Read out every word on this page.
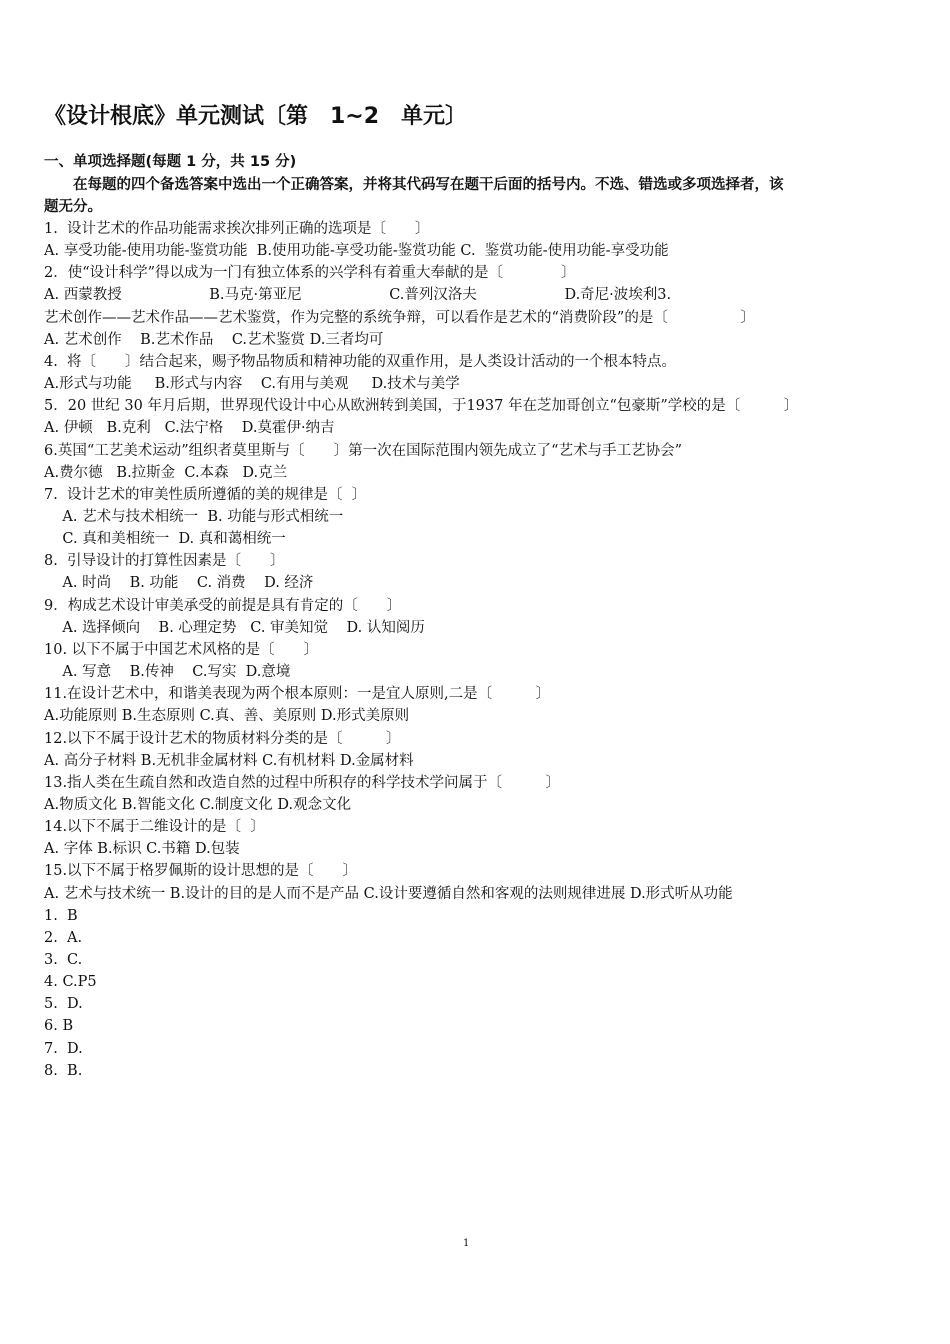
《设计根底》单元测试〔第　1~2　单元〕
一、单项选择题(每题 1 分，共 15 分)
　　在每题的四个备选答案中选出一个正确答案，并将其代码写在题干后面的括号内。不选、错选或多项选择者，该
题无分。
1.  设计艺术的作品功能需求挨次排列正确的选项是〔　　〕
A. 享受功能-使用功能-鉴赏功能  B.使用功能-享受功能-鉴赏功能 C.  鉴赏功能-使用功能-享受功能
2．使“设计科学”得以成为一门有独立体系的兴学科有着重大奉献的是〔　　　　〕
A. 西蒙教授                   B.马克·第亚尼                   C.普列汉洛夫                   D.奇尼·波埃利3.
艺术创作——艺术作品——艺术鉴赏，作为完整的系统争辩，可以看作是艺术的“消费阶段”的是〔　　　　　〕
A. 艺术创作    B.艺术作品    C.艺术鉴赏 D.三者均可
4.  将〔　　〕结合起来，赐予物品物质和精神功能的双重作用，是人类设计活动的一个根本特点。
A.形式与功能     B.形式与内容    C.有用与美观     D.技术与美学
5．20 世纪 30 年月后期，世界现代设计中心从欧洲转到美国，于1937 年在芝加哥创立“包豪斯”学校的是〔　　　〕
A. 伊顿   B.克利   C.法宁格    D.莫霍伊·纳吉
6.英国“工艺美术运动”组织者莫里斯与〔　　〕第一次在国际范围内领先成立了“艺术与手工艺协会”
A.费尔德   B.拉斯金  C.本森   D.克兰
7.  设计艺术的审美性质所遵循的美的规律是〔  〕
A. 艺术与技术相统一  B. 功能与形式相统一
C. 真和美相统一  D. 真和蔼相统一
8.  引导设计的打算性因素是〔　　〕
A. 时尚    B. 功能    C. 消费    D. 经济
9．构成艺术设计审美承受的前提是具有肯定的〔　　〕
A. 选择倾向    B. 心理定势   C. 审美知觉    D. 认知阅历
10. 以下不属于中国艺术风格的是〔　　〕
A. 写意    B.传神    C.写实  D.意境
11.在设计艺术中，和谐美表现为两个根本原则：一是宜人原则,二是〔　　　〕
A.功能原则 B.生态原则 C.真、善、美原则 D.形式美原则
12.以下不属于设计艺术的物质材料分类的是〔　　　〕
A. 高分子材料 B.无机非金属材料 C.有机材料 D.金属材料
13.指人类在生疏自然和改造自然的过程中所积存的科学技术学问属于〔　　　〕
A.物质文化 B.智能文化 C.制度文化 D.观念文化
14.以下不属于二维设计的是〔  〕
A. 字体 B.标识 C.书籍 D.包装
15.以下不属于格罗佩斯的设计思想的是〔　　〕
A. 艺术与技术统一 B.设计的目的是人而不是产品 C.设计要遵循自然和客观的法则规律进展 D.形式听从功能
1.  B
2.  A.
3.  C.
4. C.P5
5.  D.
6. B
7.  D.
8.  B.
1
